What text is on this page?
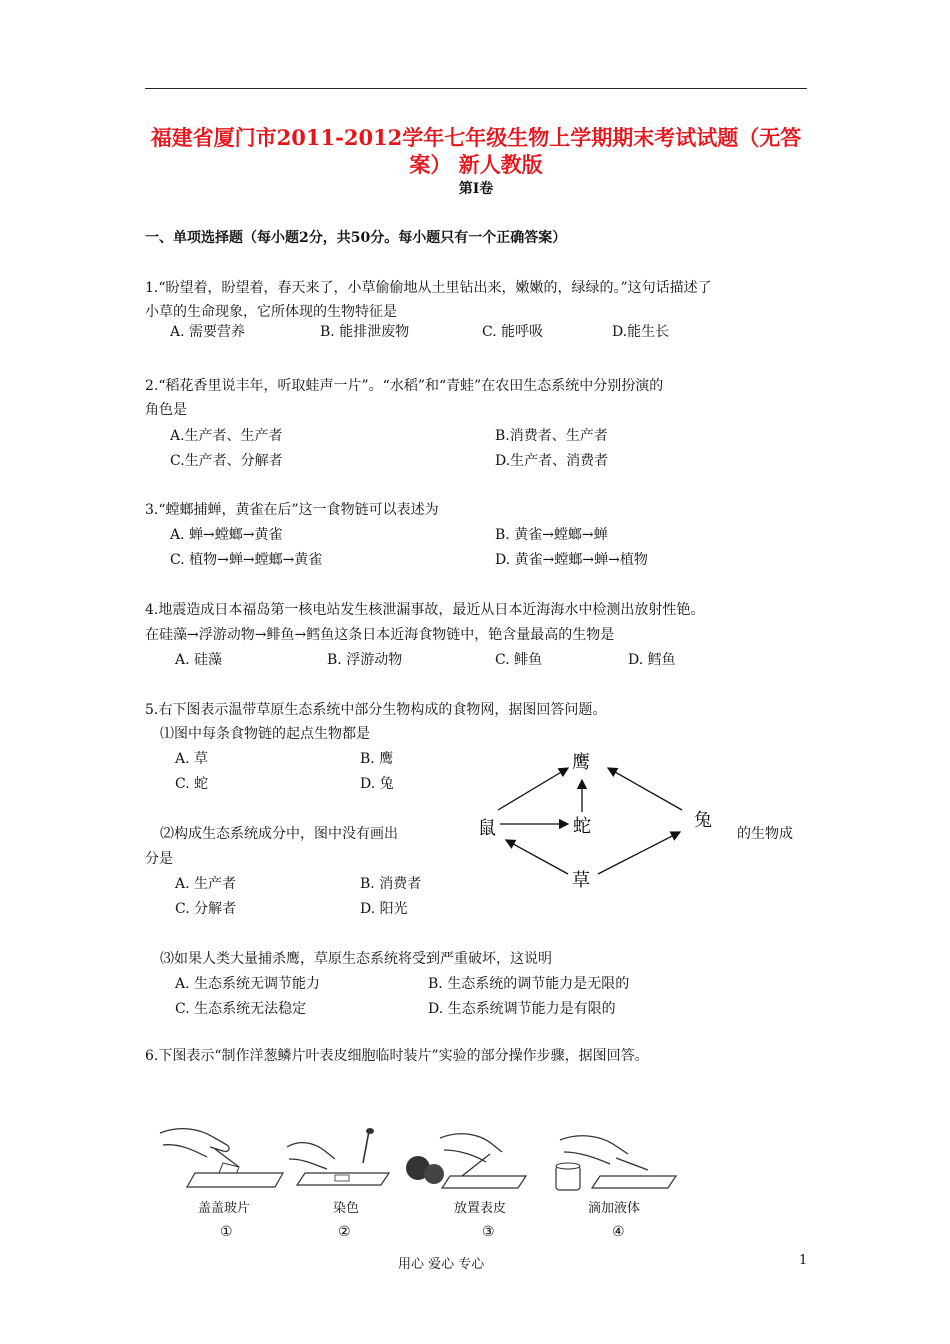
福建省厦门市2011-2012学年七年级生物上学期期末考试试题（无答
案） 新人教版
第Ⅰ卷
一、单项选择题（每小题2分，共50分。每小题只有一个正确答案）
1.“盼望着，盼望着，春天来了，小草偷偷地从土里钻出来，嫩嫩的，绿绿的。”这句话描述了
小草的生命现象，它所体现的生物特征是
A. 需要营养	B. 能排泄废物	C. 能呼吸	D.能生长
2.“稻花香里说丰年，听取蛙声一片”。“水稻”和“青蛙”在农田生态系统中分别扮演的
角色是
A.生产者、生产者	B.消费者、生产者
C.生产者、分解者	D.生产者、消费者
3.“螳螂捕蝉，黄雀在后”这一食物链可以表述为
A. 蝉→螳螂→黄雀	B. 黄雀→螳螂→蝉
C. 植物→蝉→螳螂→黄雀	D. 黄雀→螳螂→蝉→植物
4.地震造成日本福岛第一核电站发生核泄漏事故，最近从日本近海海水中检测出放射性铯。
在硅藻→浮游动物→鲱鱼→鳕鱼这条日本近海食物链中，铯含量最高的生物是
A. 硅藻	B. 浮游动物	C. 鲱鱼	D. 鳕鱼
5.右下图表示温带草原生态系统中部分生物构成的食物网，据图回答问题。
⑴图中每条食物链的起点生物都是
A. 草	B. 鹰
C. 蛇	D. 兔
⑵构成生态系统成分中，图中没有画出	的生物成
分是
A. 生产者	B. 消费者
C. 分解者	D. 阳光
⑶如果人类大量捕杀鹰，草原生态系统将受到严重破坏，这说明
A. 生态系统无调节能力	B. 生态系统的调节能力是无限的
C. 生态系统无法稳定	D. 生态系统调节能力是有限的
鹰
鼠	蛇	兔
草
6.下图表示“制作洋葱鳞片叶表皮细胞临时装片”实验的部分操作步骤，据图回答。
盖盖玻片
①
染色
②
放置表皮
③
滴加液体
④
用心 爱心 专心	1
